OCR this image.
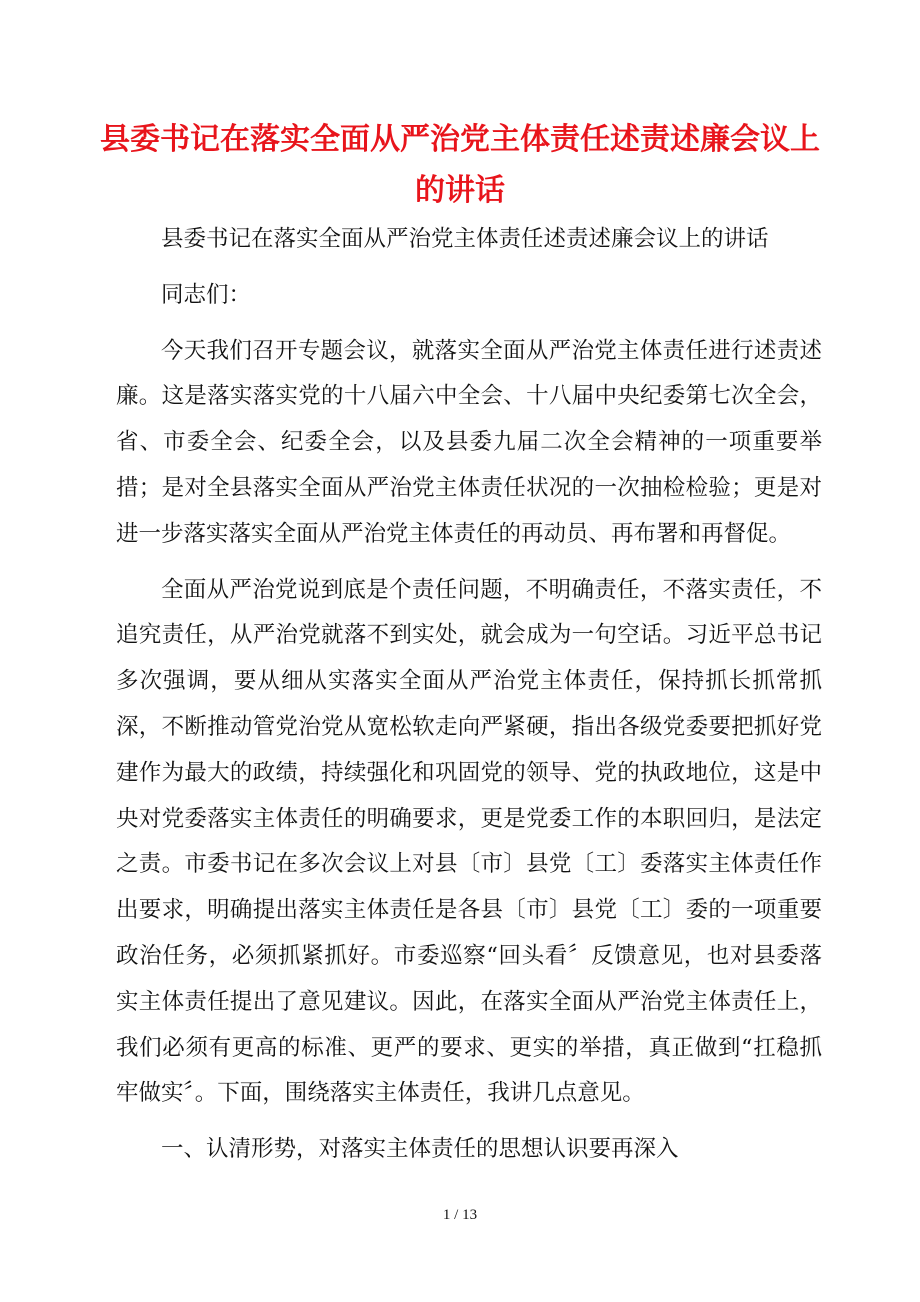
县委书记在落实全面从严治党主体责任述责述廉会议上
的讲话

县委书记在落实全面从严治党主体责任述责述廉会议上的讲话

同志们：

今天我们召开专题会议，就落实全面从严治党主体责任进行述责述廉。这是落实落实党的十八届六中全会、十八届中央纪委第七次全会，省、市委全会、纪委全会，以及县委九届二次全会精神的一项重要举措；是对全县落实全面从严治党主体责任状况的一次抽检检验；更是对进一步落实落实全面从严治党主体责任的再动员、再布署和再督促。

全面从严治党说到底是个责任问题，不明确责任，不落实责任，不追究责任，从严治党就落不到实处，就会成为一句空话。习近平总书记多次强调，要从细从实落实全面从严治党主体责任，保持抓长抓常抓深，不断推动管党治党从宽松软走向严紧硬，指出各级党委要把抓好党建作为最大的政绩，持续强化和巩固党的领导、党的执政地位，这是中央对党委落实主体责任的明确要求，更是党委工作的本职回归，是法定之责。市委书记在多次会议上对县〔市〕县党〔工〕委落实主体责任作出要求，明确提出落实主体责任是各县〔市〕县党〔工〕委的一项重要政治任务，必须抓紧抓好。市委巡察“回头看〞反馈意见，也对县委落实主体责任提出了意见建议。因此，在落实全面从严治党主体责任上，我们必须有更高的标准、更严的要求、更实的举措，真正做到“扛稳抓牢做实〞。下面，围绕落实主体责任，我讲几点意见。

一、认清形势，对落实主体责任的思想认识要再深入

1 / 13
